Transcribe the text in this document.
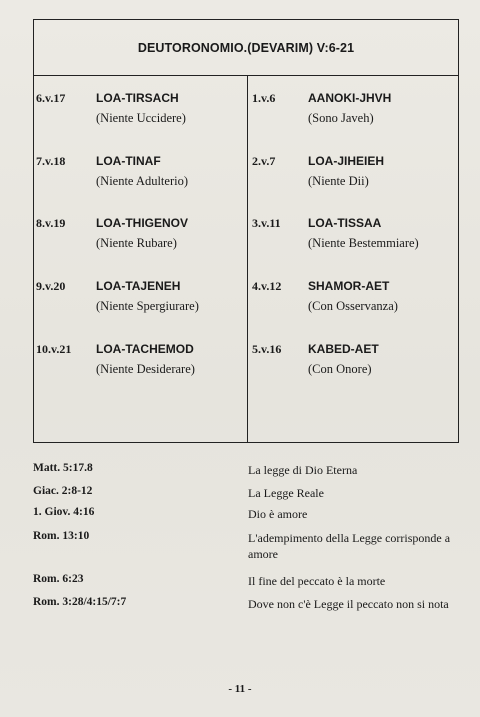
DEUTORONOMIO.(DEVARIM) V:6-21
6.v.17	LOA-TIRSACH
(Niente Uccidere)
7.v.18	LOA-TINAF
(Niente Adulterio)
8.v.19	LOA-THIGENOV
(Niente Rubare)
9.v.20	LOA-TAJENEH
(Niente Spergiurare)
10.v.21 LOA-TACHEMOD
(Niente Desiderare)
1.v.6	AANOKI-JHVH
(Sono Javeh)
2.v.7	LOA-JIHEIEH
(Niente Dii)
3.v.11 LOA-TISSAA
(Niente Bestemmiare)
4.v.12 SHAMOR-AET
(Con Osservanza)
5.v.16 KABED-AET
(Con Onore)
Matt. 5:17.8	La legge di Dio Eterna
Giac. 2:8-12	La Legge Reale
1. Giov. 4:16	Dio è amore
Rom. 13:10	L'adempimento della Legge corrisponde a amore
Rom. 6:23	Il fine del peccato è la morte
Rom. 3:28/4:15/7:7	Dove non c'è Legge il peccato non si nota
- 11 -
